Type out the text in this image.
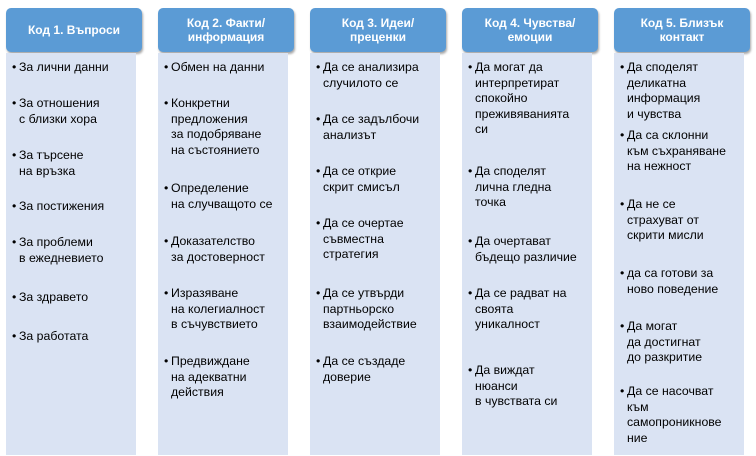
Код 1. Въпроси
• За лични данни
• За отношения
с близки хора
• За търсене
на връзка
• За постижения
• За проблеми
в ежедневието
• За здравето
• За работата
Код 2. Факти/
информация
• Обмен на данни
• Конкретни
предложения
за подобряване
на състоянието
• Определение
на случващото се
• Доказателство
за достоверност
• Изразяване
на колегиалност
в съчувствието
• Предвиждане
на адекватни
действия
Код 3. Идеи/
преценки
• Да се анализира
случилото се
• Да се задълбочи
анализът
• Да се открие
скрит смисъл
• Да се очертае
съвместна
стратегия
• Да се утвърди
партньорско
взаимодействие
• Да се създаде
доверие
Код 4. Чувства/
емоции
• Да могат да
интерпретират
спокойно
преживяванията
си
• Да споделят
лична гледна
точка
• Да очертават
бъдещо различие
• Да се радват на
своята
уникалност
• Да виждат
нюанси
в чувствата си
Код 5. Близък
контакт
• Да споделят
деликатна
информация
и чувства
• Да са склонни
към съхраняване
на нежност
• Да не се
страхуват от
скрити мисли
• да са готови за
ново поведение
• Да могат
да достигнат
до разкритие
• Да се насочват
към
самопроникнове
ние
